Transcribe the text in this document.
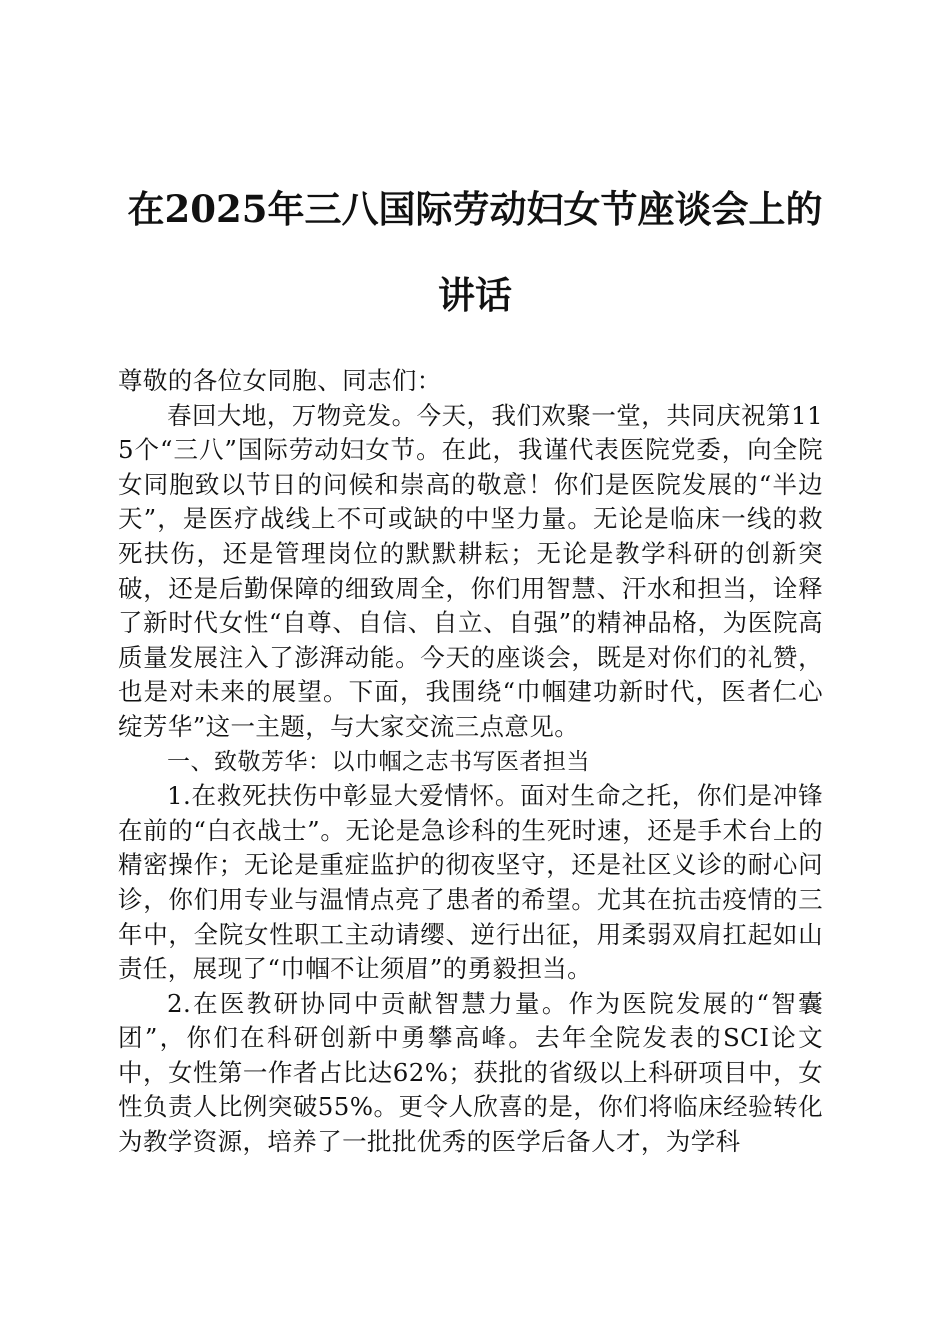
在2025年三八国际劳动妇女节座谈会上的讲话

尊敬的各位女同胞、同志们：

春回大地，万物竞发。今天，我们欢聚一堂，共同庆祝第115个“三八”国际劳动妇女节。在此，我谨代表医院党委，向全院女同胞致以节日的问候和崇高的敬意！你们是医院发展的“半边天”，是医疗战线上不可或缺的中坚力量。无论是临床一线的救死扶伤，还是管理岗位的默默耕耘；无论是教学科研的创新突破，还是后勤保障的细致周全，你们用智慧、汗水和担当，诠释了新时代女性“自尊、自信、自立、自强”的精神品格，为医院高质量发展注入了澎湃动能。今天的座谈会，既是对你们的礼赞，也是对未来的展望。下面，我围绕“巾帼建功新时代，医者仁心绽芳华”这一主题，与大家交流三点意见。

一、致敬芳华：以巾帼之志书写医者担当

1.在救死扶伤中彰显大爱情怀。面对生命之托，你们是冲锋在前的“白衣战士”。无论是急诊科的生死时速，还是手术台上的精密操作；无论是重症监护的彻夜坚守，还是社区义诊的耐心问诊，你们用专业与温情点亮了患者的希望。尤其在抗击疫情的三年中，全院女性职工主动请缨、逆行出征，用柔弱双肩扛起如山责任，展现了“巾帼不让须眉”的勇毅担当。

2.在医教研协同中贡献智慧力量。作为医院发展的“智囊团”，你们在科研创新中勇攀高峰。去年全院发表的SCI论文中，女性第一作者占比达62%；获批的省级以上科研项目中，女性负责人比例突破55%。更令人欣喜的是，你们将临床经验转化为教学资源，培养了一批批优秀的医学后备人才，为学科
